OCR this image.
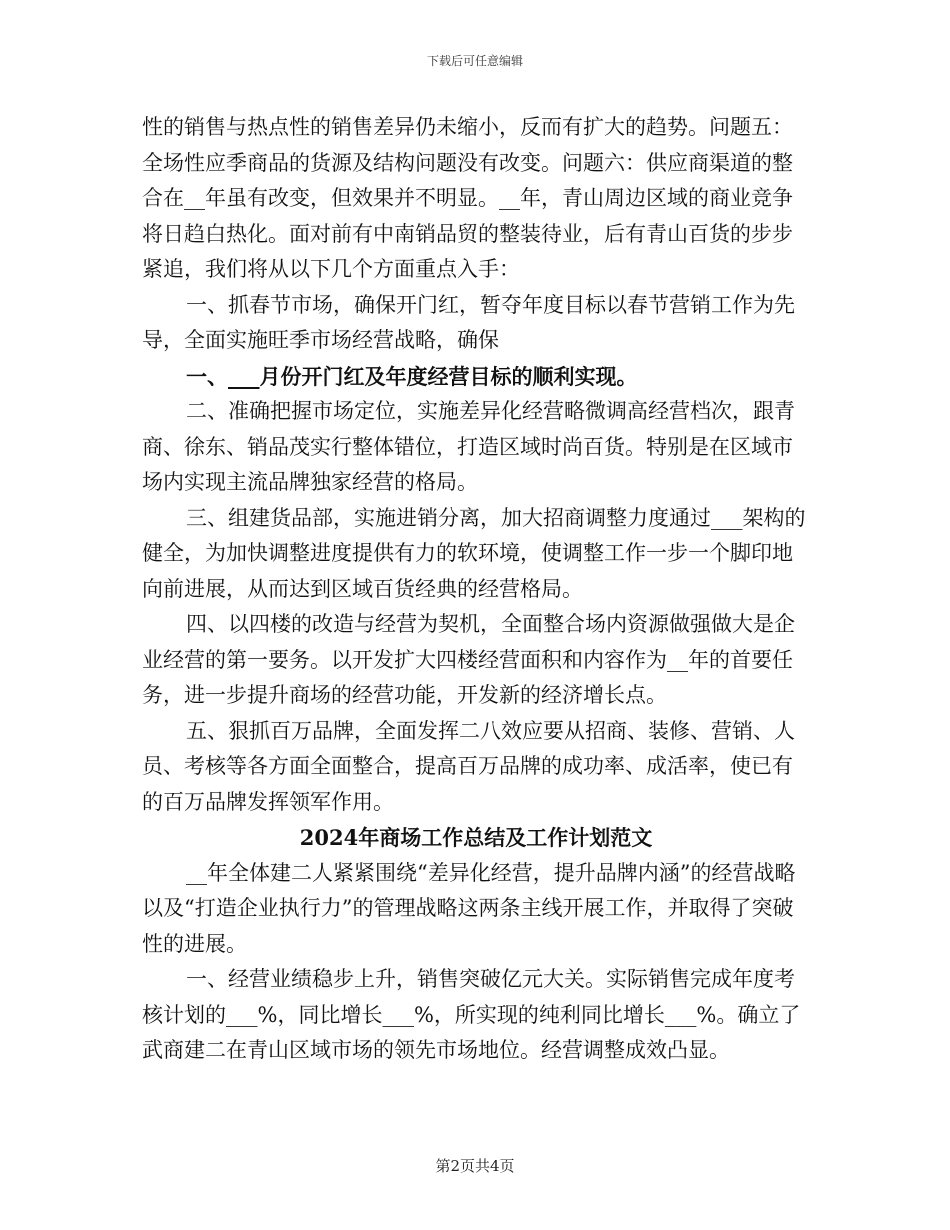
下载后可任意编辑

性的销售与热点性的销售差异仍未缩小，反而有扩大的趋势。问题五：全场性应季商品的货源及结构问题没有改变。问题六：供应商渠道的整合在__年虽有改变，但效果并不明显。__年，青山周边区域的商业竞争将日趋白热化。面对前有中南销品贸的整装待业，后有青山百货的步步紧追，我们将从以下几个方面重点入手：

一、抓春节市场，确保开门红，暂夺年度目标以春节营销工作为先导，全面实施旺季市场经营战略，确保

一、___月份开门红及年度经营目标的顺利实现。

二、准确把握市场定位，实施差异化经营略微调高经营档次，跟青商、徐东、销品茂实行整体错位，打造区域时尚百货。特别是在区域市场内实现主流品牌独家经营的格局。

三、组建货品部，实施进销分离，加大招商调整力度通过___架构的健全，为加快调整进度提供有力的软环境，使调整工作一步一个脚印地向前进展，从而达到区域百货经典的经营格局。

四、以四楼的改造与经营为契机，全面整合场内资源做强做大是企业经营的第一要务。以开发扩大四楼经营面积和内容作为__年的首要任务，进一步提升商场的经营功能，开发新的经济增长点。

五、狠抓百万品牌，全面发挥二八效应要从招商、装修、营销、人员、考核等各方面全面整合，提高百万品牌的成功率、成活率，使已有的百万品牌发挥领军作用。

2024年商场工作总结及工作计划范文

__年全体建二人紧紧围绕“差异化经营，提升品牌内涵”的经营战略以及“打造企业执行力”的管理战略这两条主线开展工作，并取得了突破性的进展。

一、经营业绩稳步上升，销售突破亿元大关。实际销售完成年度考核计划的___%，同比增长___%，所实现的纯利同比增长___%。确立了武商建二在青山区域市场的领先市场地位。经营调整成效凸显。

第2页共4页
